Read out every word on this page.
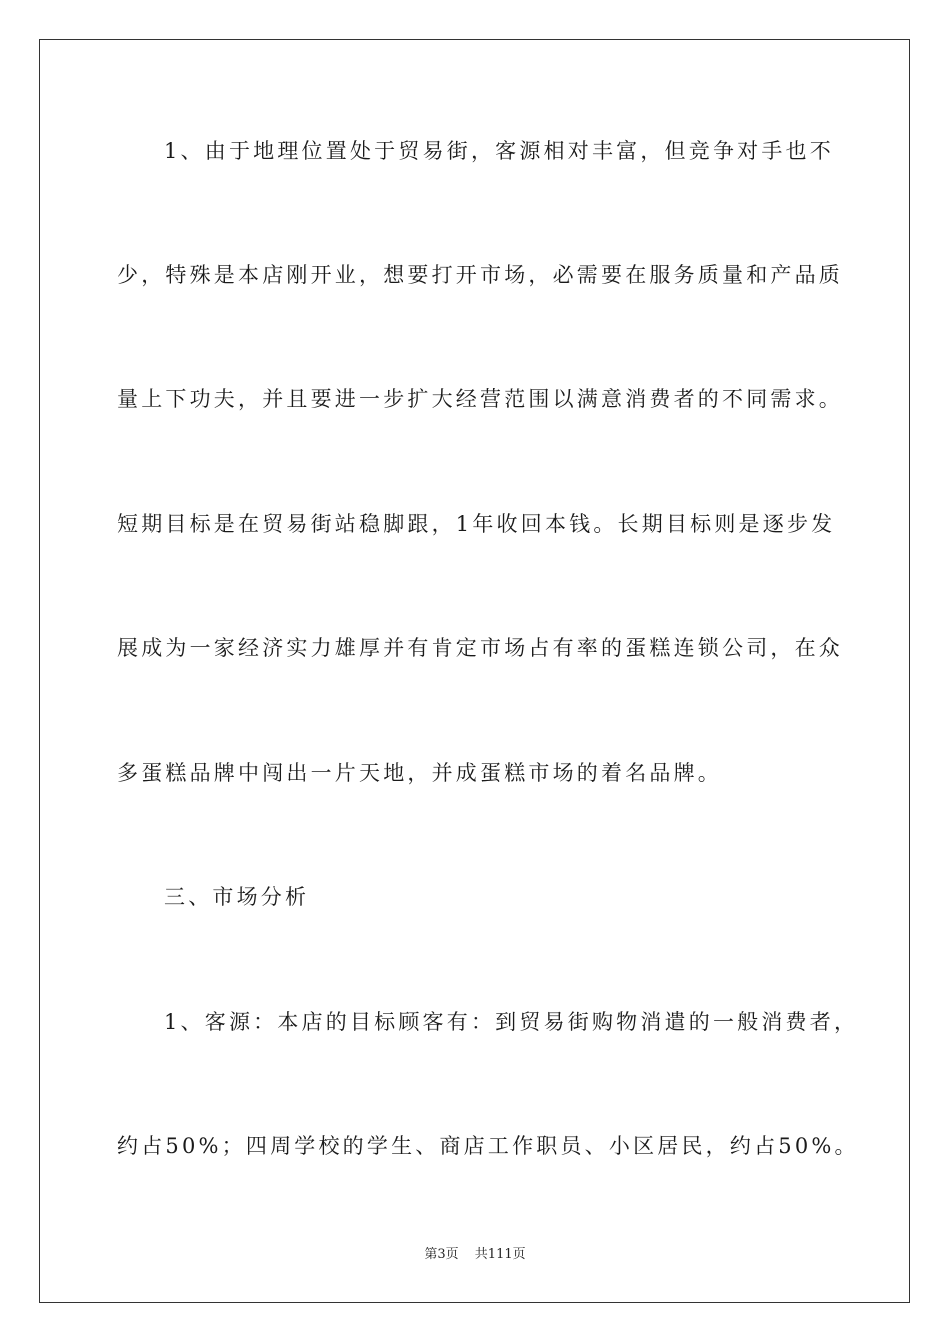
1、由于地理位置处于贸易街，客源相对丰富，但竞争对手也不
少，特殊是本店刚开业，想要打开市场，必需要在服务质量和产品质
量上下功夫，并且要进一步扩大经营范围以满意消费者的不同需求。
短期目标是在贸易街站稳脚跟，1年收回本钱。长期目标则是逐步发
展成为一家经济实力雄厚并有肯定市场占有率的蛋糕连锁公司，在众
多蛋糕品牌中闯出一片天地，并成蛋糕市场的着名品牌。
三、市场分析
1、客源：本店的目标顾客有：到贸易街购物消遣的一般消费者，
约占50%；四周学校的学生、商店工作职员、小区居民，约占50%。
第3页 共111页
